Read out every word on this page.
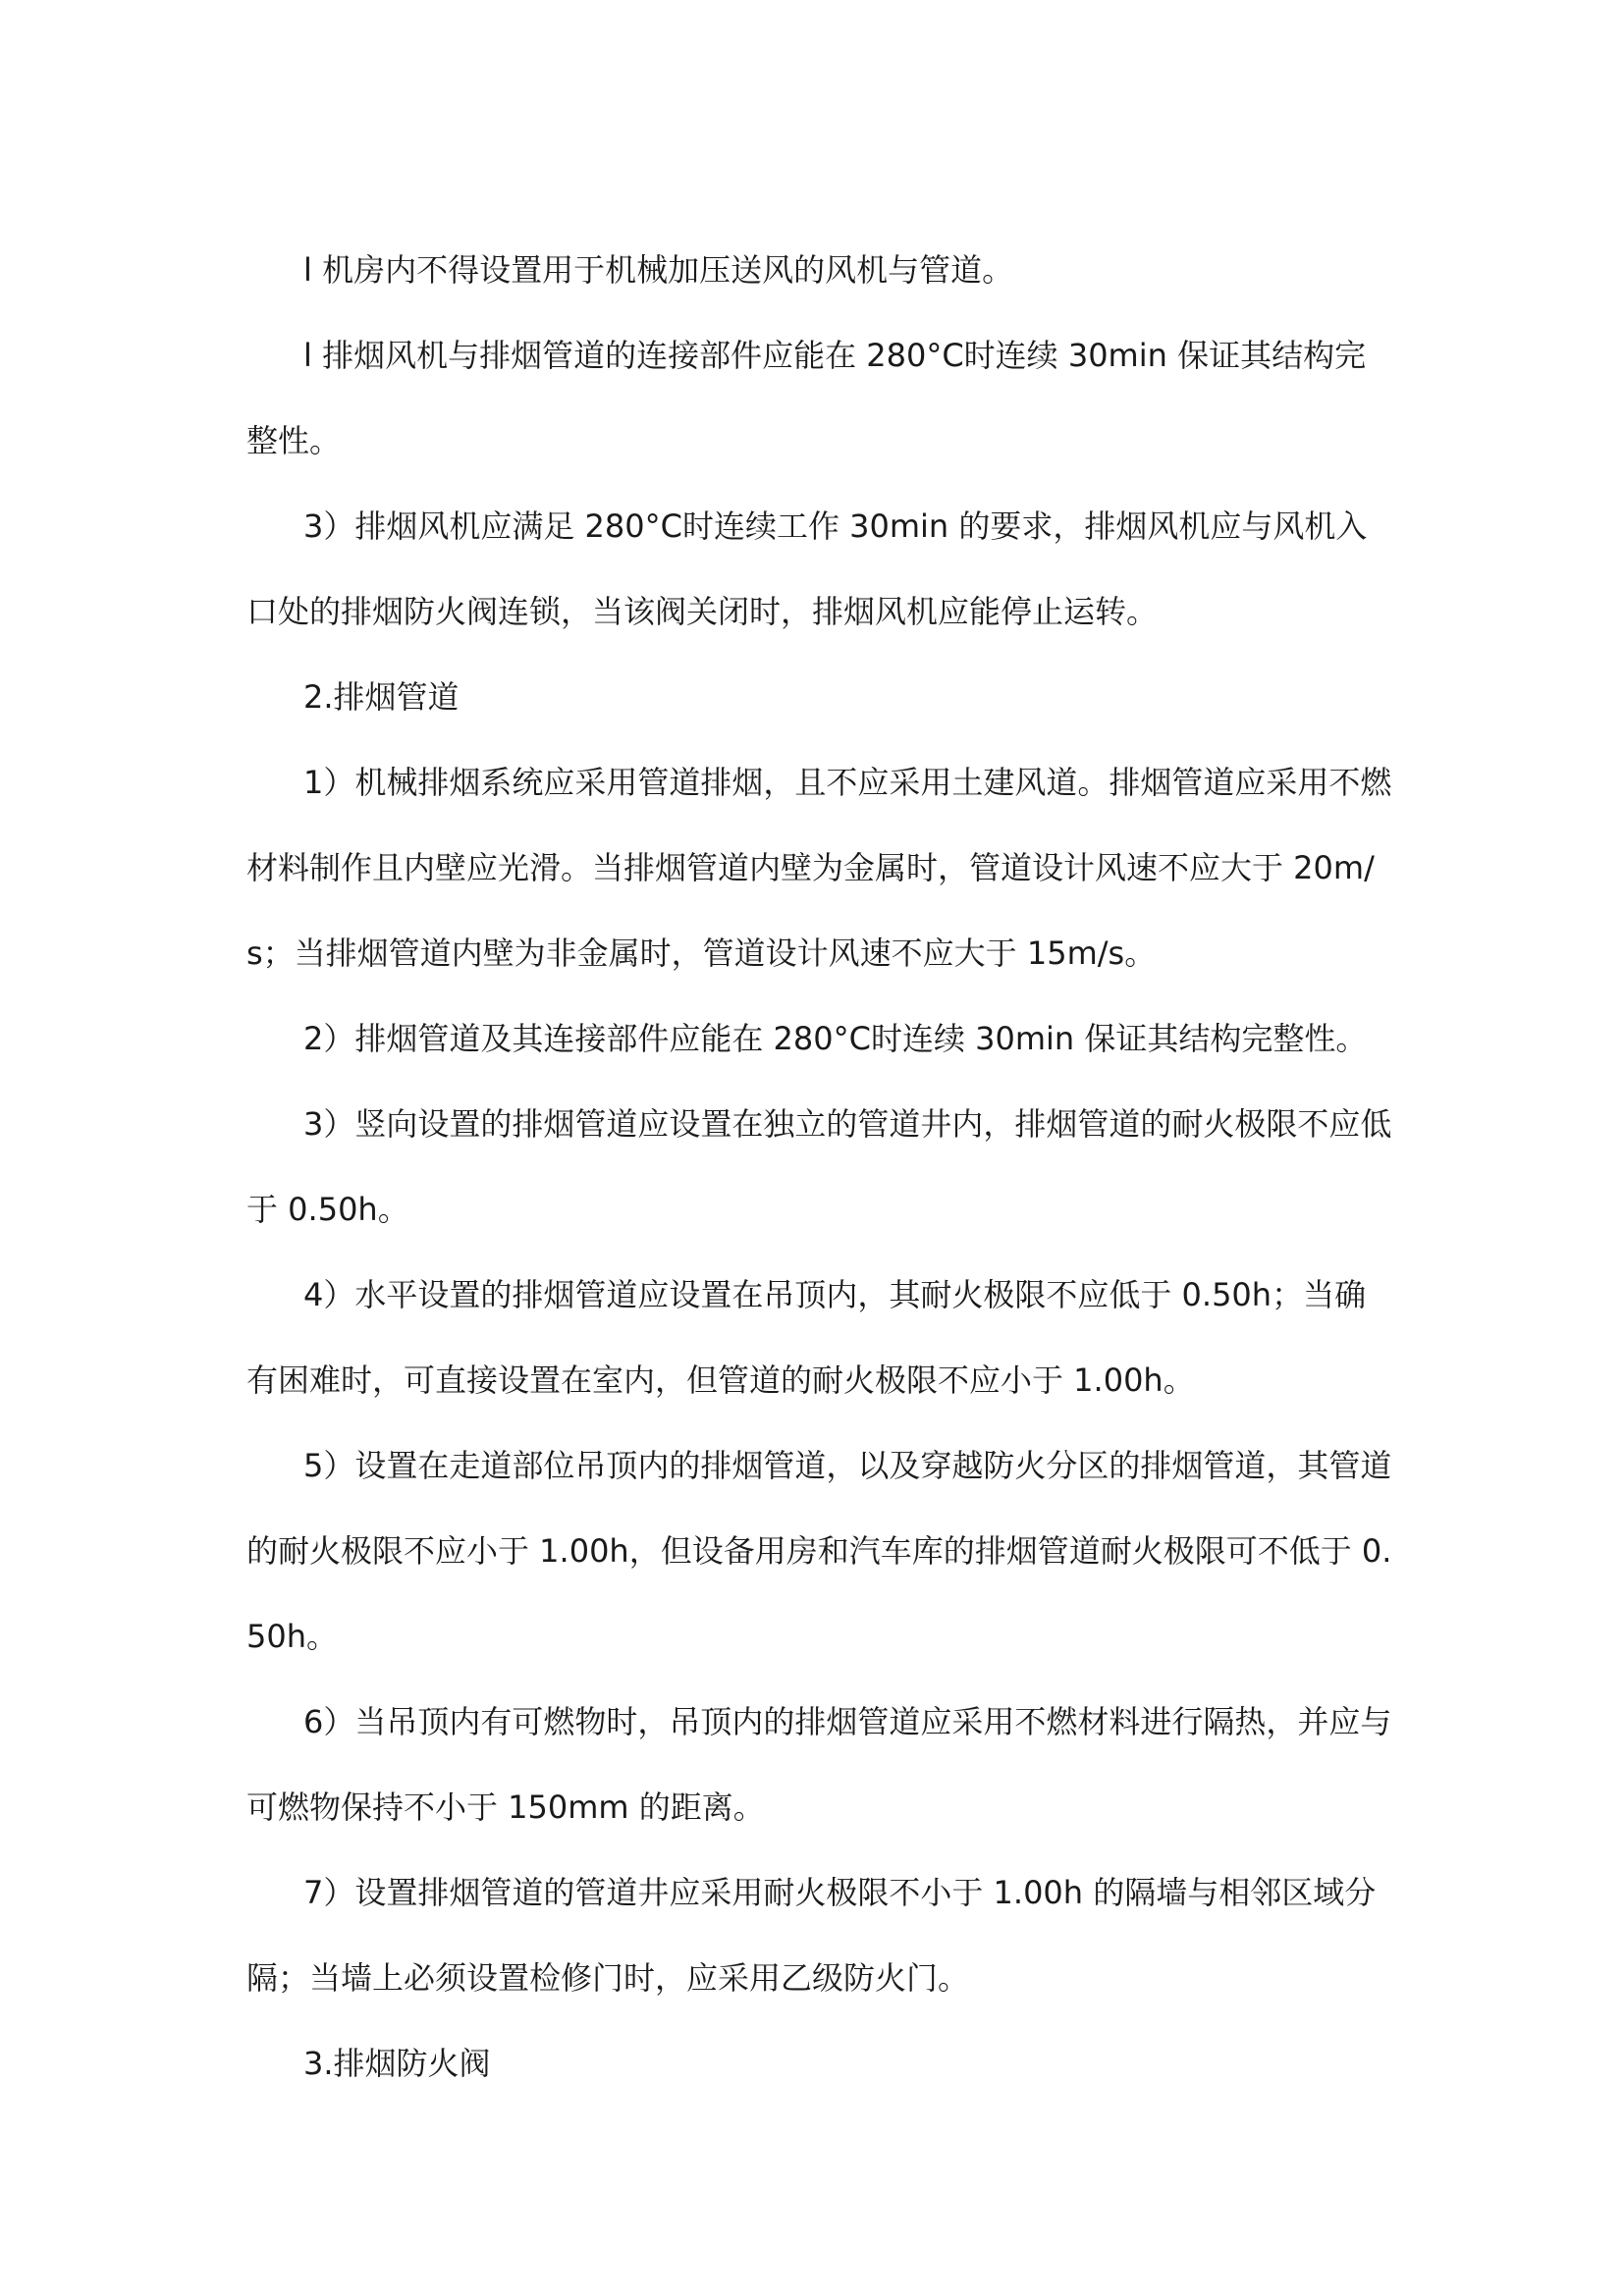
l 机房内不得设置用于机械加压送风的风机与管道。

l 排烟风机与排烟管道的连接部件应能在 280°C时连续 30min 保证其结构完整性。

3）排烟风机应满足 280°C时连续工作 30min 的要求，排烟风机应与风机入口处的排烟防火阀连锁，当该阀关闭时，排烟风机应能停止运转。

2.排烟管道

1）机械排烟系统应采用管道排烟，且不应采用土建风道。排烟管道应采用不燃材料制作且内壁应光滑。当排烟管道内壁为金属时，管道设计风速不应大于 20m/s；当排烟管道内壁为非金属时，管道设计风速不应大于 15m/s。

2）排烟管道及其连接部件应能在 280°C时连续 30min 保证其结构完整性。

3）竖向设置的排烟管道应设置在独立的管道井内，排烟管道的耐火极限不应低于 0.50h。

4）水平设置的排烟管道应设置在吊顶内，其耐火极限不应低于 0.50h；当确有困难时，可直接设置在室内，但管道的耐火极限不应小于 1.00h。

5）设置在走道部位吊顶内的排烟管道，以及穿越防火分区的排烟管道，其管道的耐火极限不应小于 1.00h，但设备用房和汽车库的排烟管道耐火极限可不低于 0.50h。

6）当吊顶内有可燃物时，吊顶内的排烟管道应采用不燃材料进行隔热，并应与可燃物保持不小于 150mm 的距离。

7）设置排烟管道的管道井应采用耐火极限不小于 1.00h 的隔墙与相邻区域分隔；当墙上必须设置检修门时，应采用乙级防火门。

3.排烟防火阀
